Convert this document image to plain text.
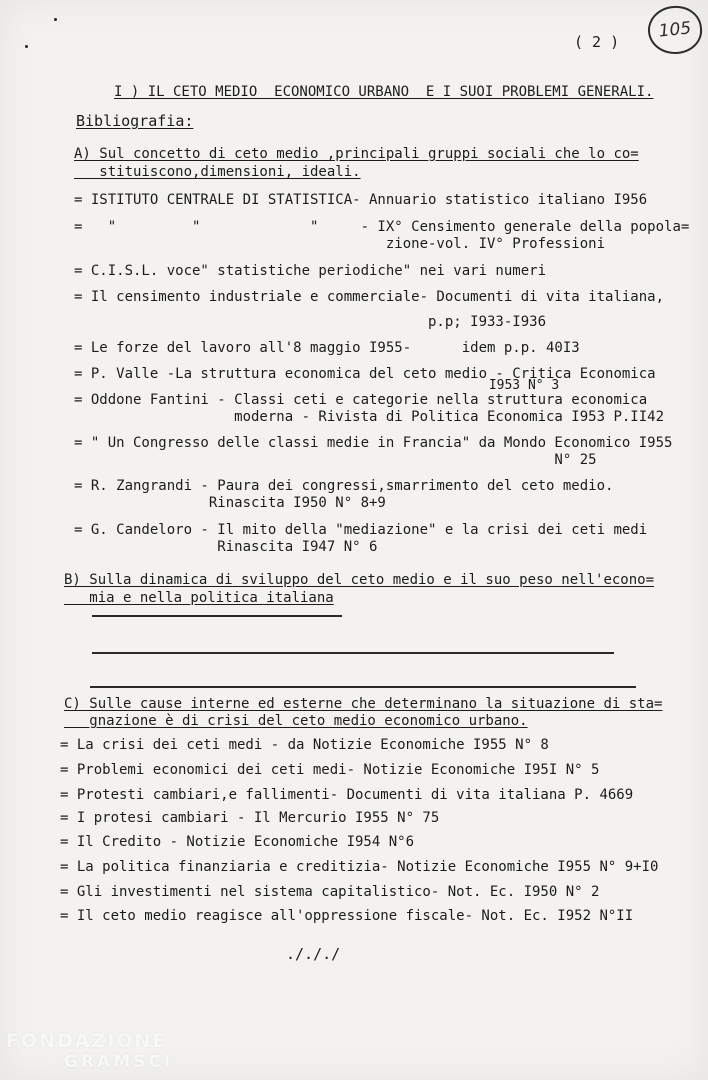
( 2 )
105
I ) IL CETO MEDIO  ECONOMICO URBANO  E I SUOI PROBLEMI GENERALI.
Bibliografia:
A) Sul concetto di ceto medio ,principali gruppi sociali che lo co=
stituiscono,dimensioni, ideali.
= ISTITUTO CENTRALE DI STATISTICA- Annuario statistico italiano I956
=   "         "             "     - IX° Censimento generale della popola=
zione-vol. IV° Professioni
= C.I.S.L. voce" statistiche periodiche" nei vari numeri
= Il censimento industriale e commerciale- Documenti di vita italiana,
p.p; I933-I936
= Le forze del lavoro all'8 maggio I955-      idem p.p. 40I3
= P. Valle -La struttura economica del ceto medio - Critica Economica
I953 N° 3
= Oddone Fantini - Classi ceti e categorie nella struttura economica
moderna - Rivista di Politica Economica I953 P.II42
= " Un Congresso delle classi medie in Francia" da Mondo Economico I955
N° 25
= R. Zangrandi - Paura dei congressi,smarrimento del ceto medio.
Rinascita I950 N° 8+9
= G. Candeloro - Il mito della "mediazione" e la crisi dei ceti medi
Rinascita I947 N° 6
B) Sulla dinamica di sviluppo del ceto medio e il suo peso nell'econo=
mia e nella politica italiana
C) Sulle cause interne ed esterne che determinano la situazione di sta=
gnazione è di crisi del ceto medio economico urbano.
= La crisi dei ceti medi - da Notizie Economiche I955 N° 8
= Problemi economici dei ceti medi- Notizie Economiche I95I N° 5
= Protesti cambiari,e fallimenti- Documenti di vita italiana P. 4669
= I protesi cambiari - Il Mercurio I955 N° 75
= Il Credito - Notizie Economiche I954 N°6
= La politica finanziaria e creditizia- Notizie Economiche I955 N° 9+I0
= Gli investimenti nel sistema capitalistico- Not. Ec. I950 N° 2
= Il ceto medio reagisce all'oppressione fiscale- Not. Ec. I952 N°II
./././
FONDAZIONE
GRAMSCI
